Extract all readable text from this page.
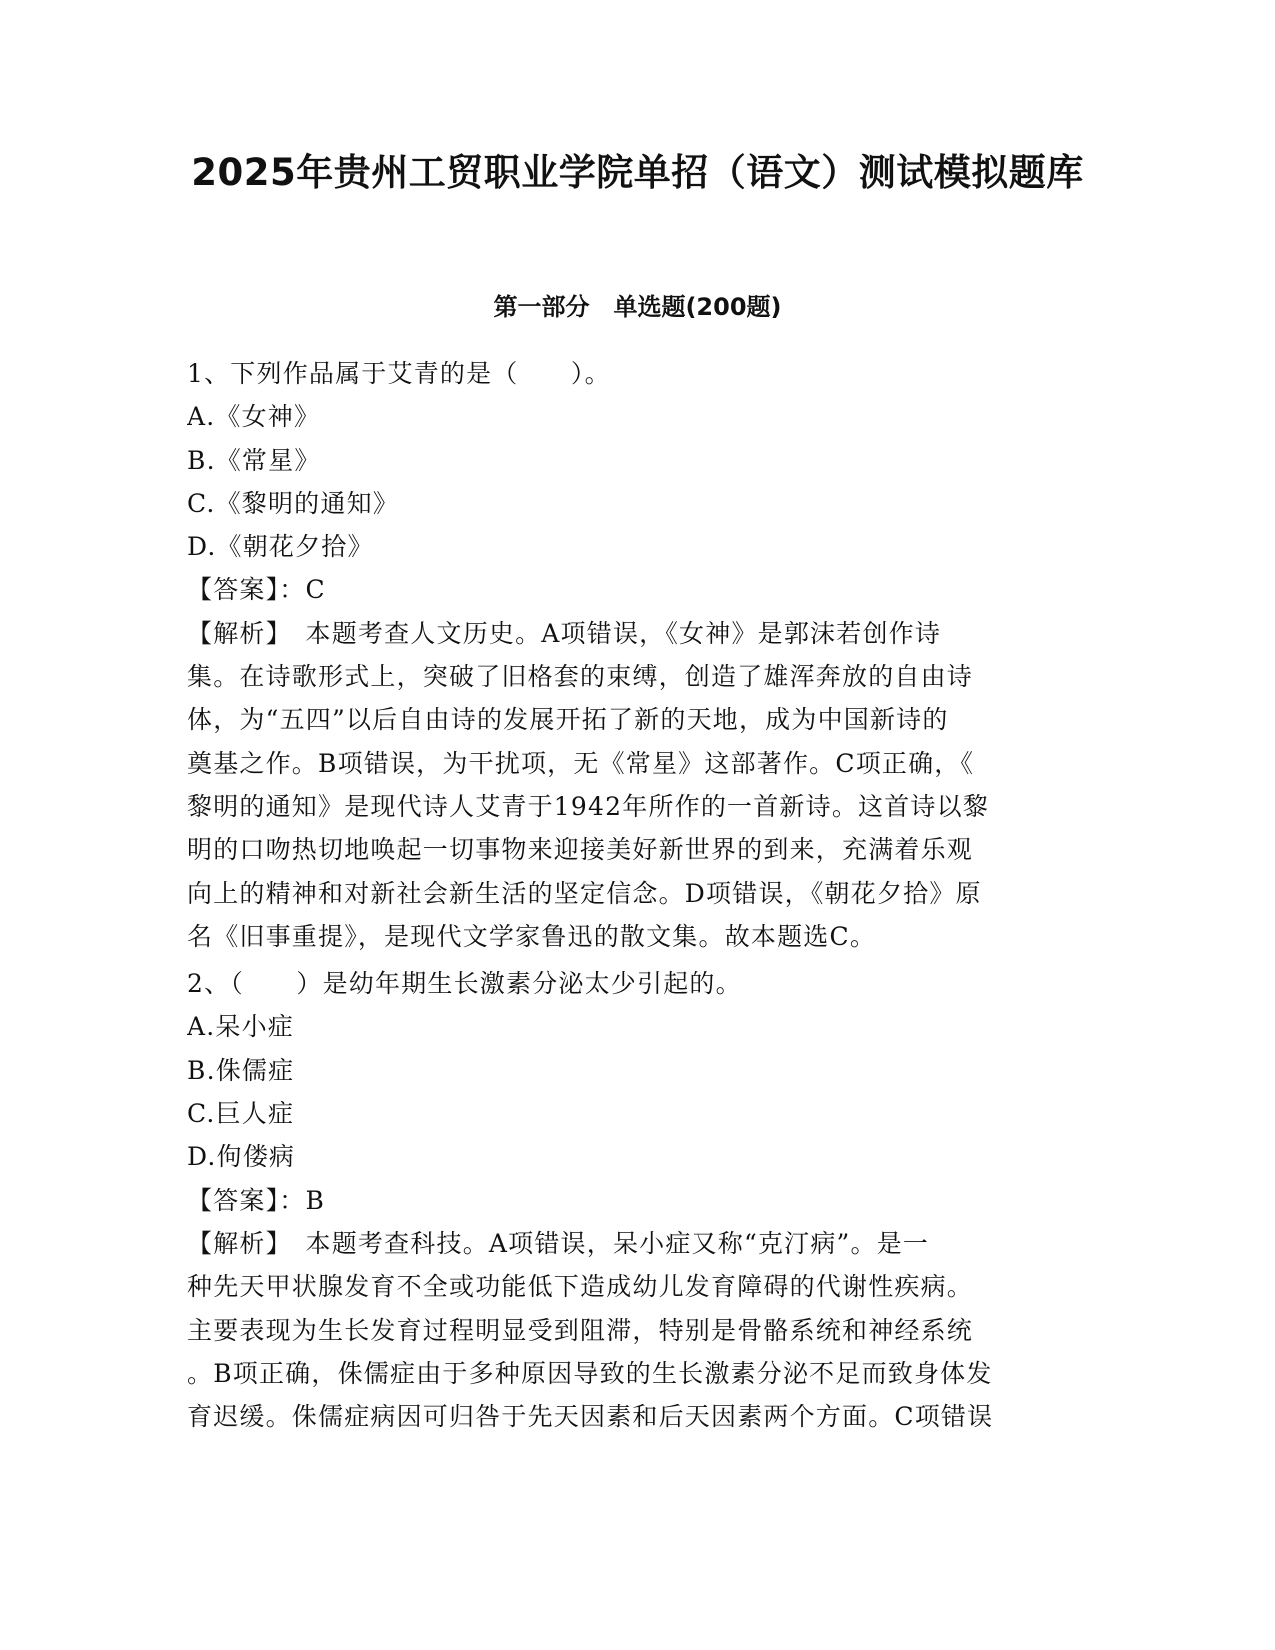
2025年贵州工贸职业学院单招（语文）测试模拟题库
第一部分　单选题(200题)
1、下列作品属于艾青的是（　　）。
A.《女神》
B.《常星》
C.《黎明的通知》
D.《朝花夕拾》
【答案】：C
【解析】　本题考查人文历史。A项错误，《女神》是郭沫若创作诗
集。在诗歌形式上，突破了旧格套的束缚，创造了雄浑奔放的自由诗
体，为“五四”以后自由诗的发展开拓了新的天地，成为中国新诗的
奠基之作。B项错误，为干扰项，无《常星》这部著作。C项正确，《
黎明的通知》是现代诗人艾青于1942年所作的一首新诗。这首诗以黎
明的口吻热切地唤起一切事物来迎接美好新世界的到来，充满着乐观
向上的精神和对新社会新生活的坚定信念。D项错误，《朝花夕拾》原
名《旧事重提》，是现代文学家鲁迅的散文集。故本题选C。
2、（　　）是幼年期生长激素分泌太少引起的。
A.呆小症
B.侏儒症
C.巨人症
D.佝偻病
【答案】：B
【解析】　本题考查科技。A项错误，呆小症又称“克汀病”。是一
种先天甲状腺发育不全或功能低下造成幼儿发育障碍的代谢性疾病。
主要表现为生长发育过程明显受到阻滞，特别是骨骼系统和神经系统
。B项正确，侏儒症由于多种原因导致的生长激素分泌不足而致身体发
育迟缓。侏儒症病因可归咎于先天因素和后天因素两个方面。C项错误
